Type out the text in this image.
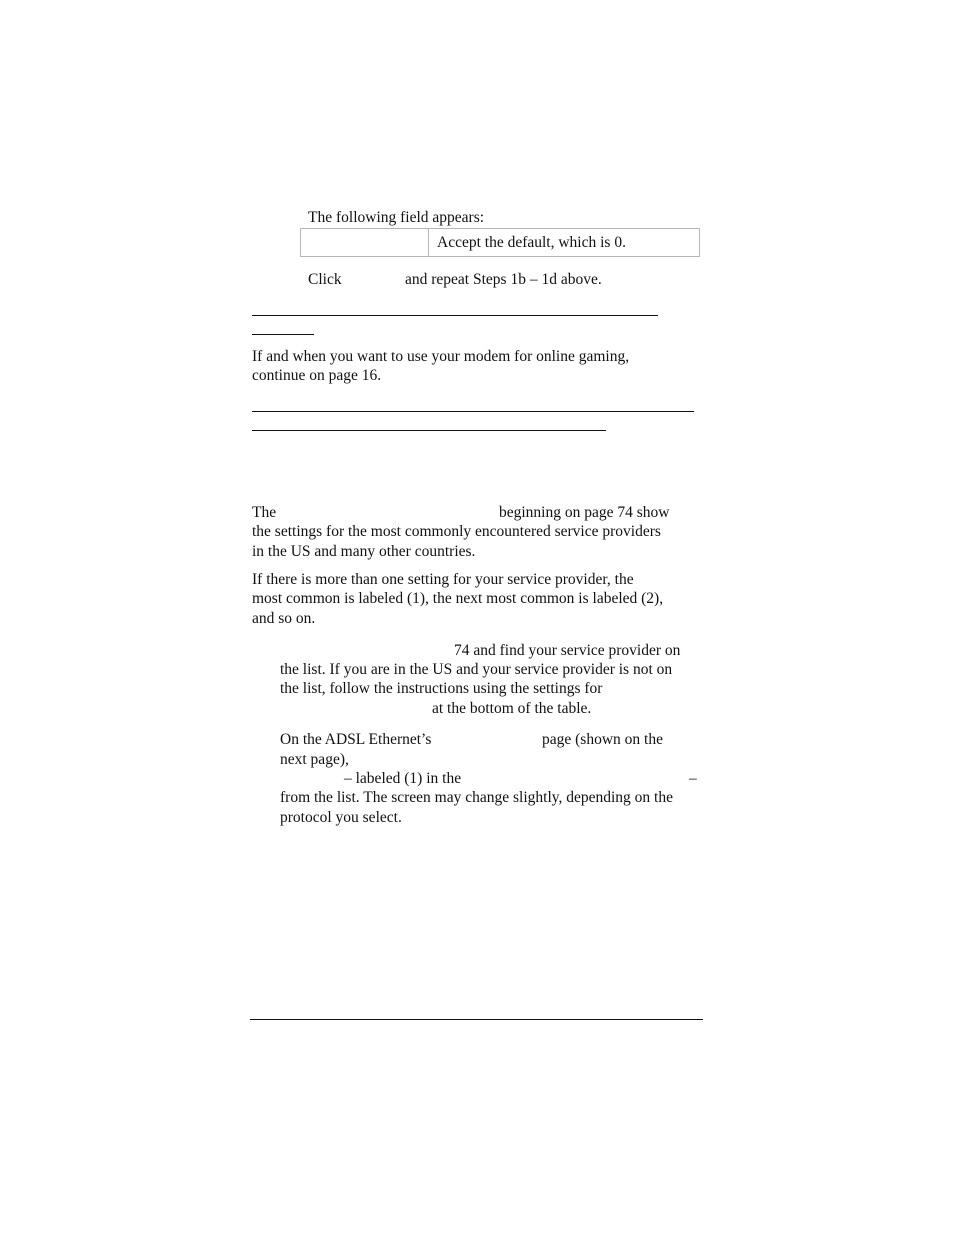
The following field appears:
Accept the default, which is 0.
Click	and repeat Steps 1b – 1d above.
If and when you want to use your modem for online gaming,
continue on page 16.
The	beginning on page 74 show
the settings for the most commonly encountered service providers
in the US and many other countries.
If there is more than one setting for your service provider, the
most common is labeled (1), the next most common is labeled (2),
and so on.
74 and find your service provider on
the list. If you are in the US and your service provider is not on
the list, follow the instructions using the settings for
at the bottom of the table.
On the ADSL Ethernet’s	page (shown on the
next page),
– labeled (1) in the	–
from the list. The screen may change slightly, depending on the
protocol you select.
